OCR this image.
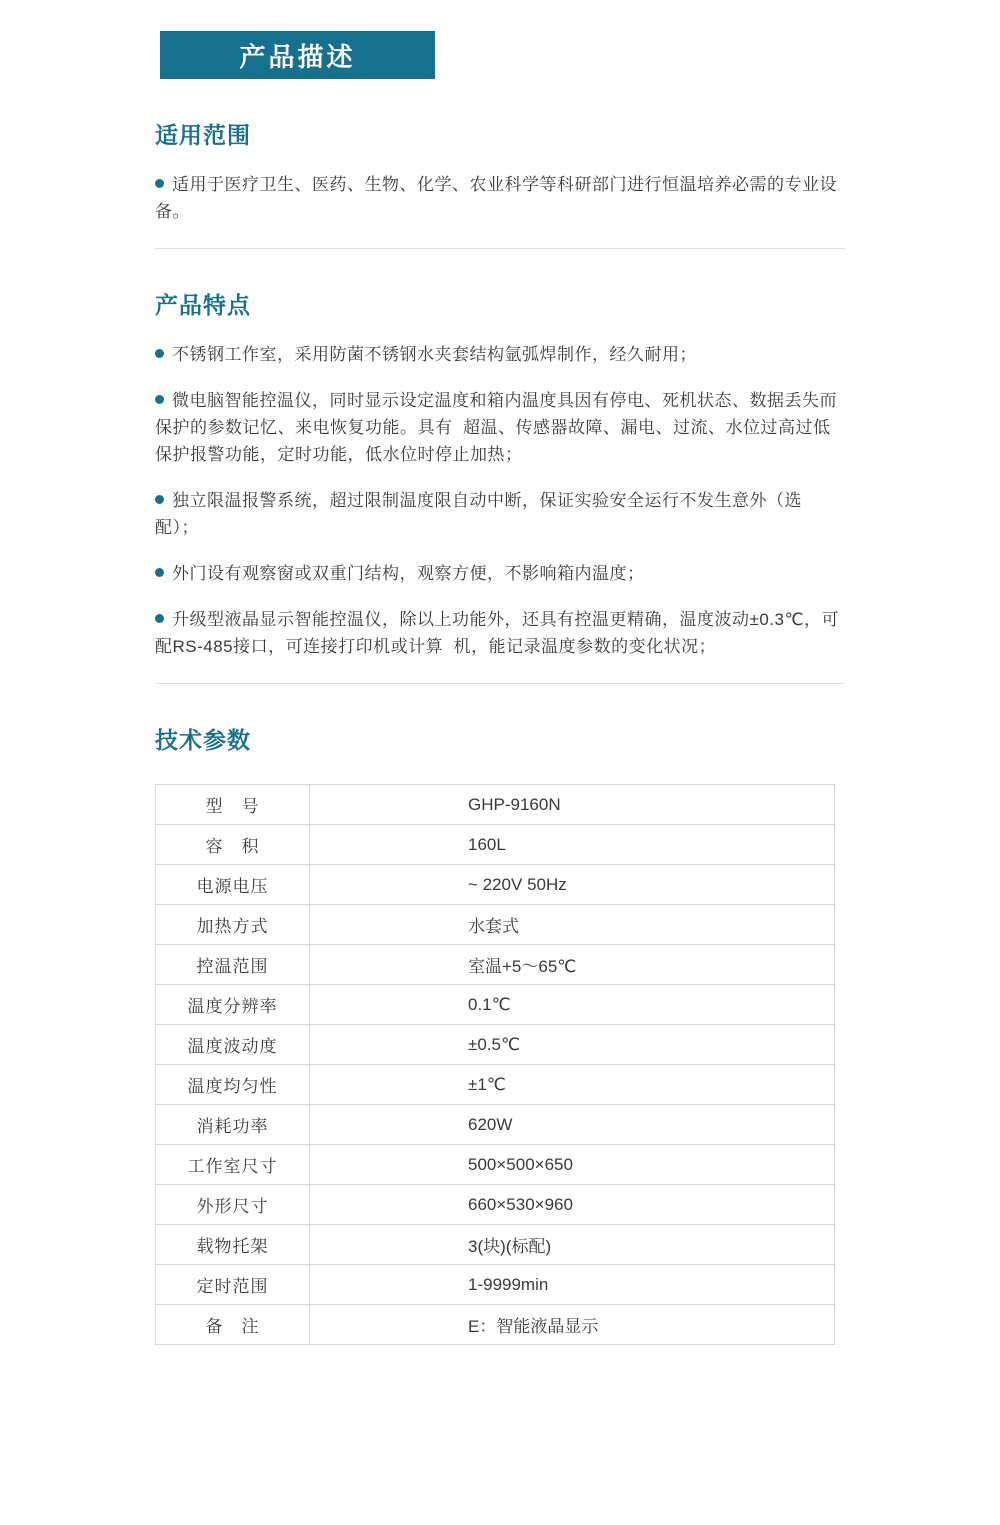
产品描述
适用范围

适用于医疗卫生、医药、生物、化学、农业科学等科研部门进行恒温培养必需的专业设备。

产品特点

不锈钢工作室，采用防菌不锈钢水夹套结构氩弧焊制作，经久耐用；

微电脑智能控温仪，同时显示设定温度和箱内温度具因有停电、死机状态、数据丢失而保护的参数记忆、来电恢复功能。具有  超温、传感器故障、漏电、过流、水位过高过低保护报警功能，定时功能，低水位时停止加热；

独立限温报警系统，超过限制温度限自动中断，保证实验安全运行不发生意外（选配）；

外门设有观察窗或双重门结构，观察方便，不影响箱内温度；

升级型液晶显示智能控温仪，除以上功能外，还具有控温更精确，温度波动±0.3℃，可配RS-485接口，可连接打印机或计算  机，能记录温度参数的变化状况；

技术参数
型　号	GHP-9160N
容　积	160L
电源电压	~ 220V 50Hz
加热方式	水套式
控温范围	室温+5～65℃
温度分辨率	0.1℃
温度波动度	±0.5℃
温度均匀性	±1℃
消耗功率	620W
工作室尺寸	500×500×650
外形尺寸	660×530×960
载物托架	3(块)(标配)
定时范围	1-9999min
备　注	E：智能液晶显示
